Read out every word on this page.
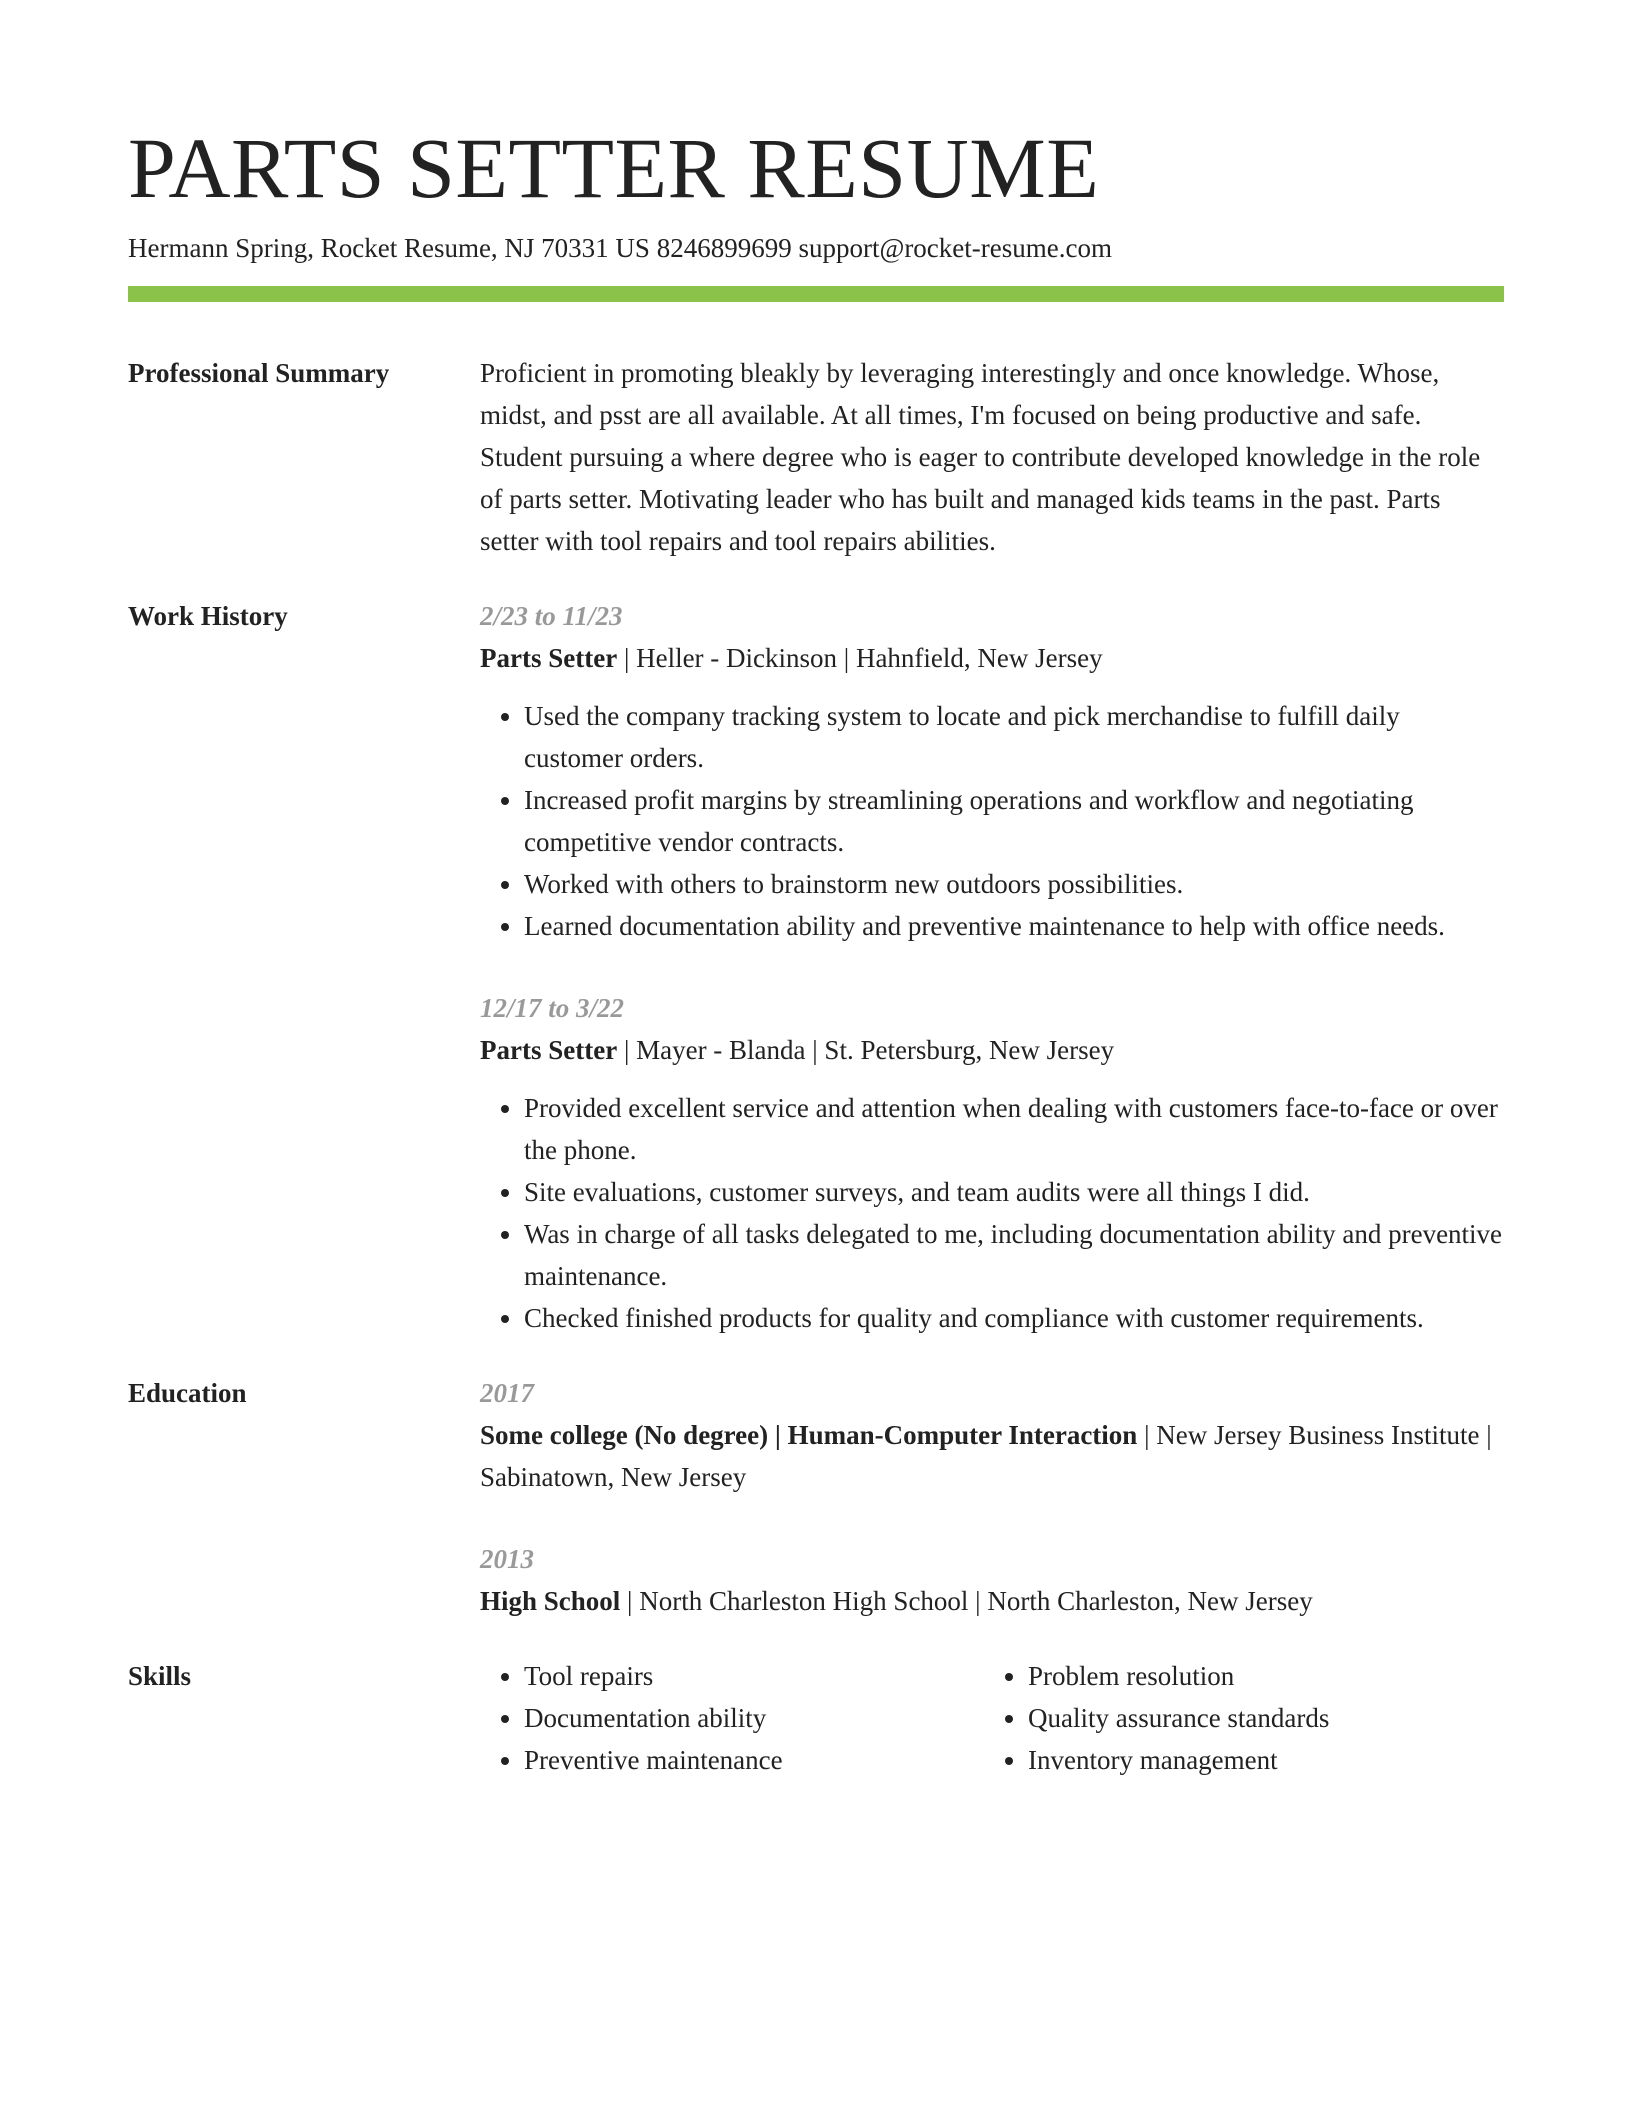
PARTS SETTER RESUME
Hermann Spring, Rocket Resume, NJ 70331 US 8246899699 support@rocket-resume.com
Professional Summary	Proficient in promoting bleakly by leveraging interestingly and once knowledge. Whose, midst, and psst are all available. At all times, I'm focused on being productive and safe. Student pursuing a where degree who is eager to contribute developed knowledge in the role of parts setter. Motivating leader who has built and managed kids teams in the past. Parts setter with tool repairs and tool repairs abilities.

Work History	2/23 to 11/23

Parts Setter | Heller - Dickinson | Hahnfield, New Jersey

• Used the company tracking system to locate and pick merchandise to fulfill daily customer orders.
• Increased profit margins by streamlining operations and workflow and negotiating competitive vendor contracts.
• Worked with others to brainstorm new outdoors possibilities.
• Learned documentation ability and preventive maintenance to help with office needs.
12/17 to 3/22

Parts Setter | Mayer - Blanda | St. Petersburg, New Jersey

• Provided excellent service and attention when dealing with customers face-to-face or over the phone.
• Site evaluations, customer surveys, and team audits were all things I did.
• Was in charge of all tasks delegated to me, including documentation ability and preventive maintenance.
• Checked finished products for quality and compliance with customer requirements.
Education	2017

Some college (No degree) | Human-Computer Interaction | New Jersey Business Institute | Sabinatown, New Jersey

2013

High School | North Charleston High School | North Charleston, New Jersey

Skills
•	Tool repairs
• Documentation ability
• Preventive maintenance
• Problem resolution
• Quality assurance standards
• Inventory management
